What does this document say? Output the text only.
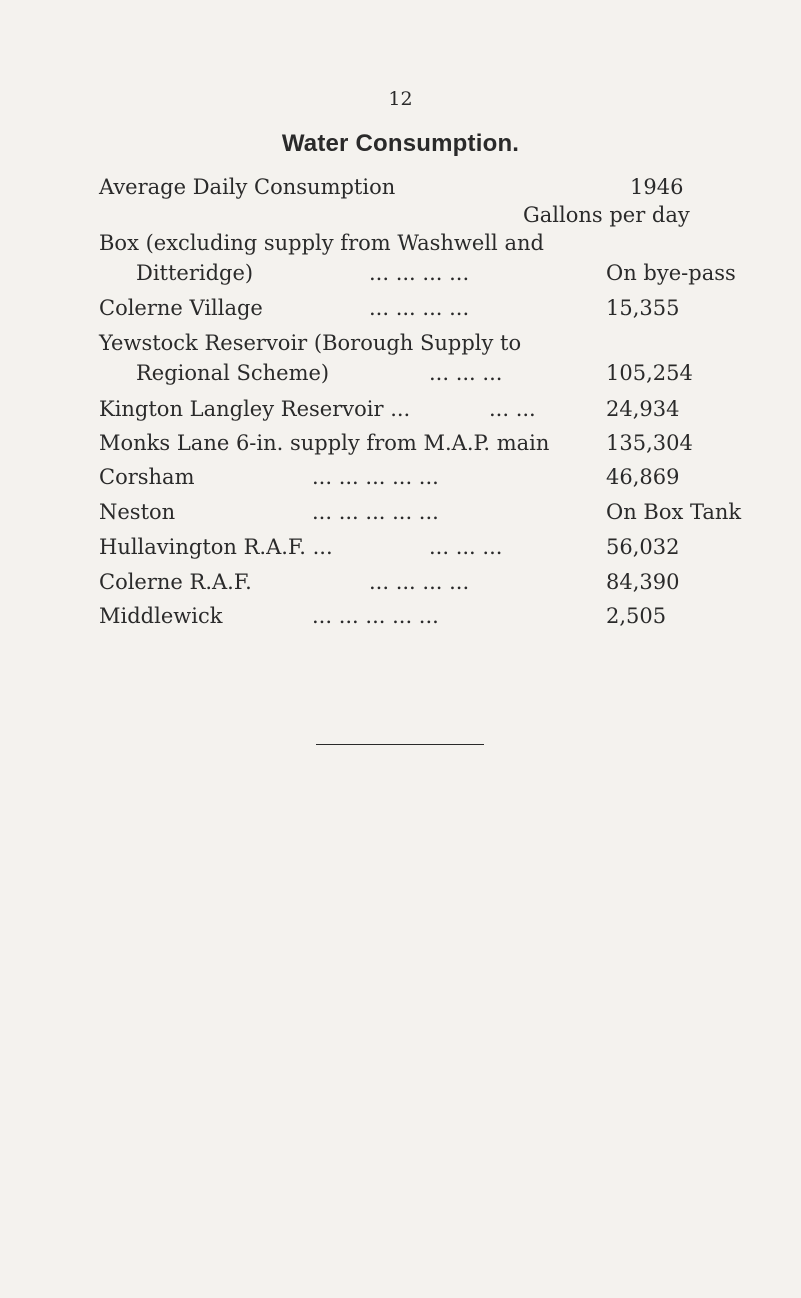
12
Water Consumption.
Average Daily Consumption	1946
Gallons per day
Box (excluding supply from Washwell and
Ditteridge)	... ... ... ...	On bye-pass
Colerne Village	... ... ... ...	15,355
Yewstock Reservoir (Borough Supply to
Regional Scheme)	... ... ...	105,254
Kington Langley Reservoir ...	... ...	24,934
Monks Lane 6-in. supply from M.A.P. main	135,304
Corsham	... ... ... ... ...	46,869
Neston	... ... ... ... ...	On Box Tank
Hullavington R.A.F. ...	... ... ...	56,032
Colerne R.A.F.	... ... ... ...	84,390
Middlewick	... ... ... ... ...	2,505
